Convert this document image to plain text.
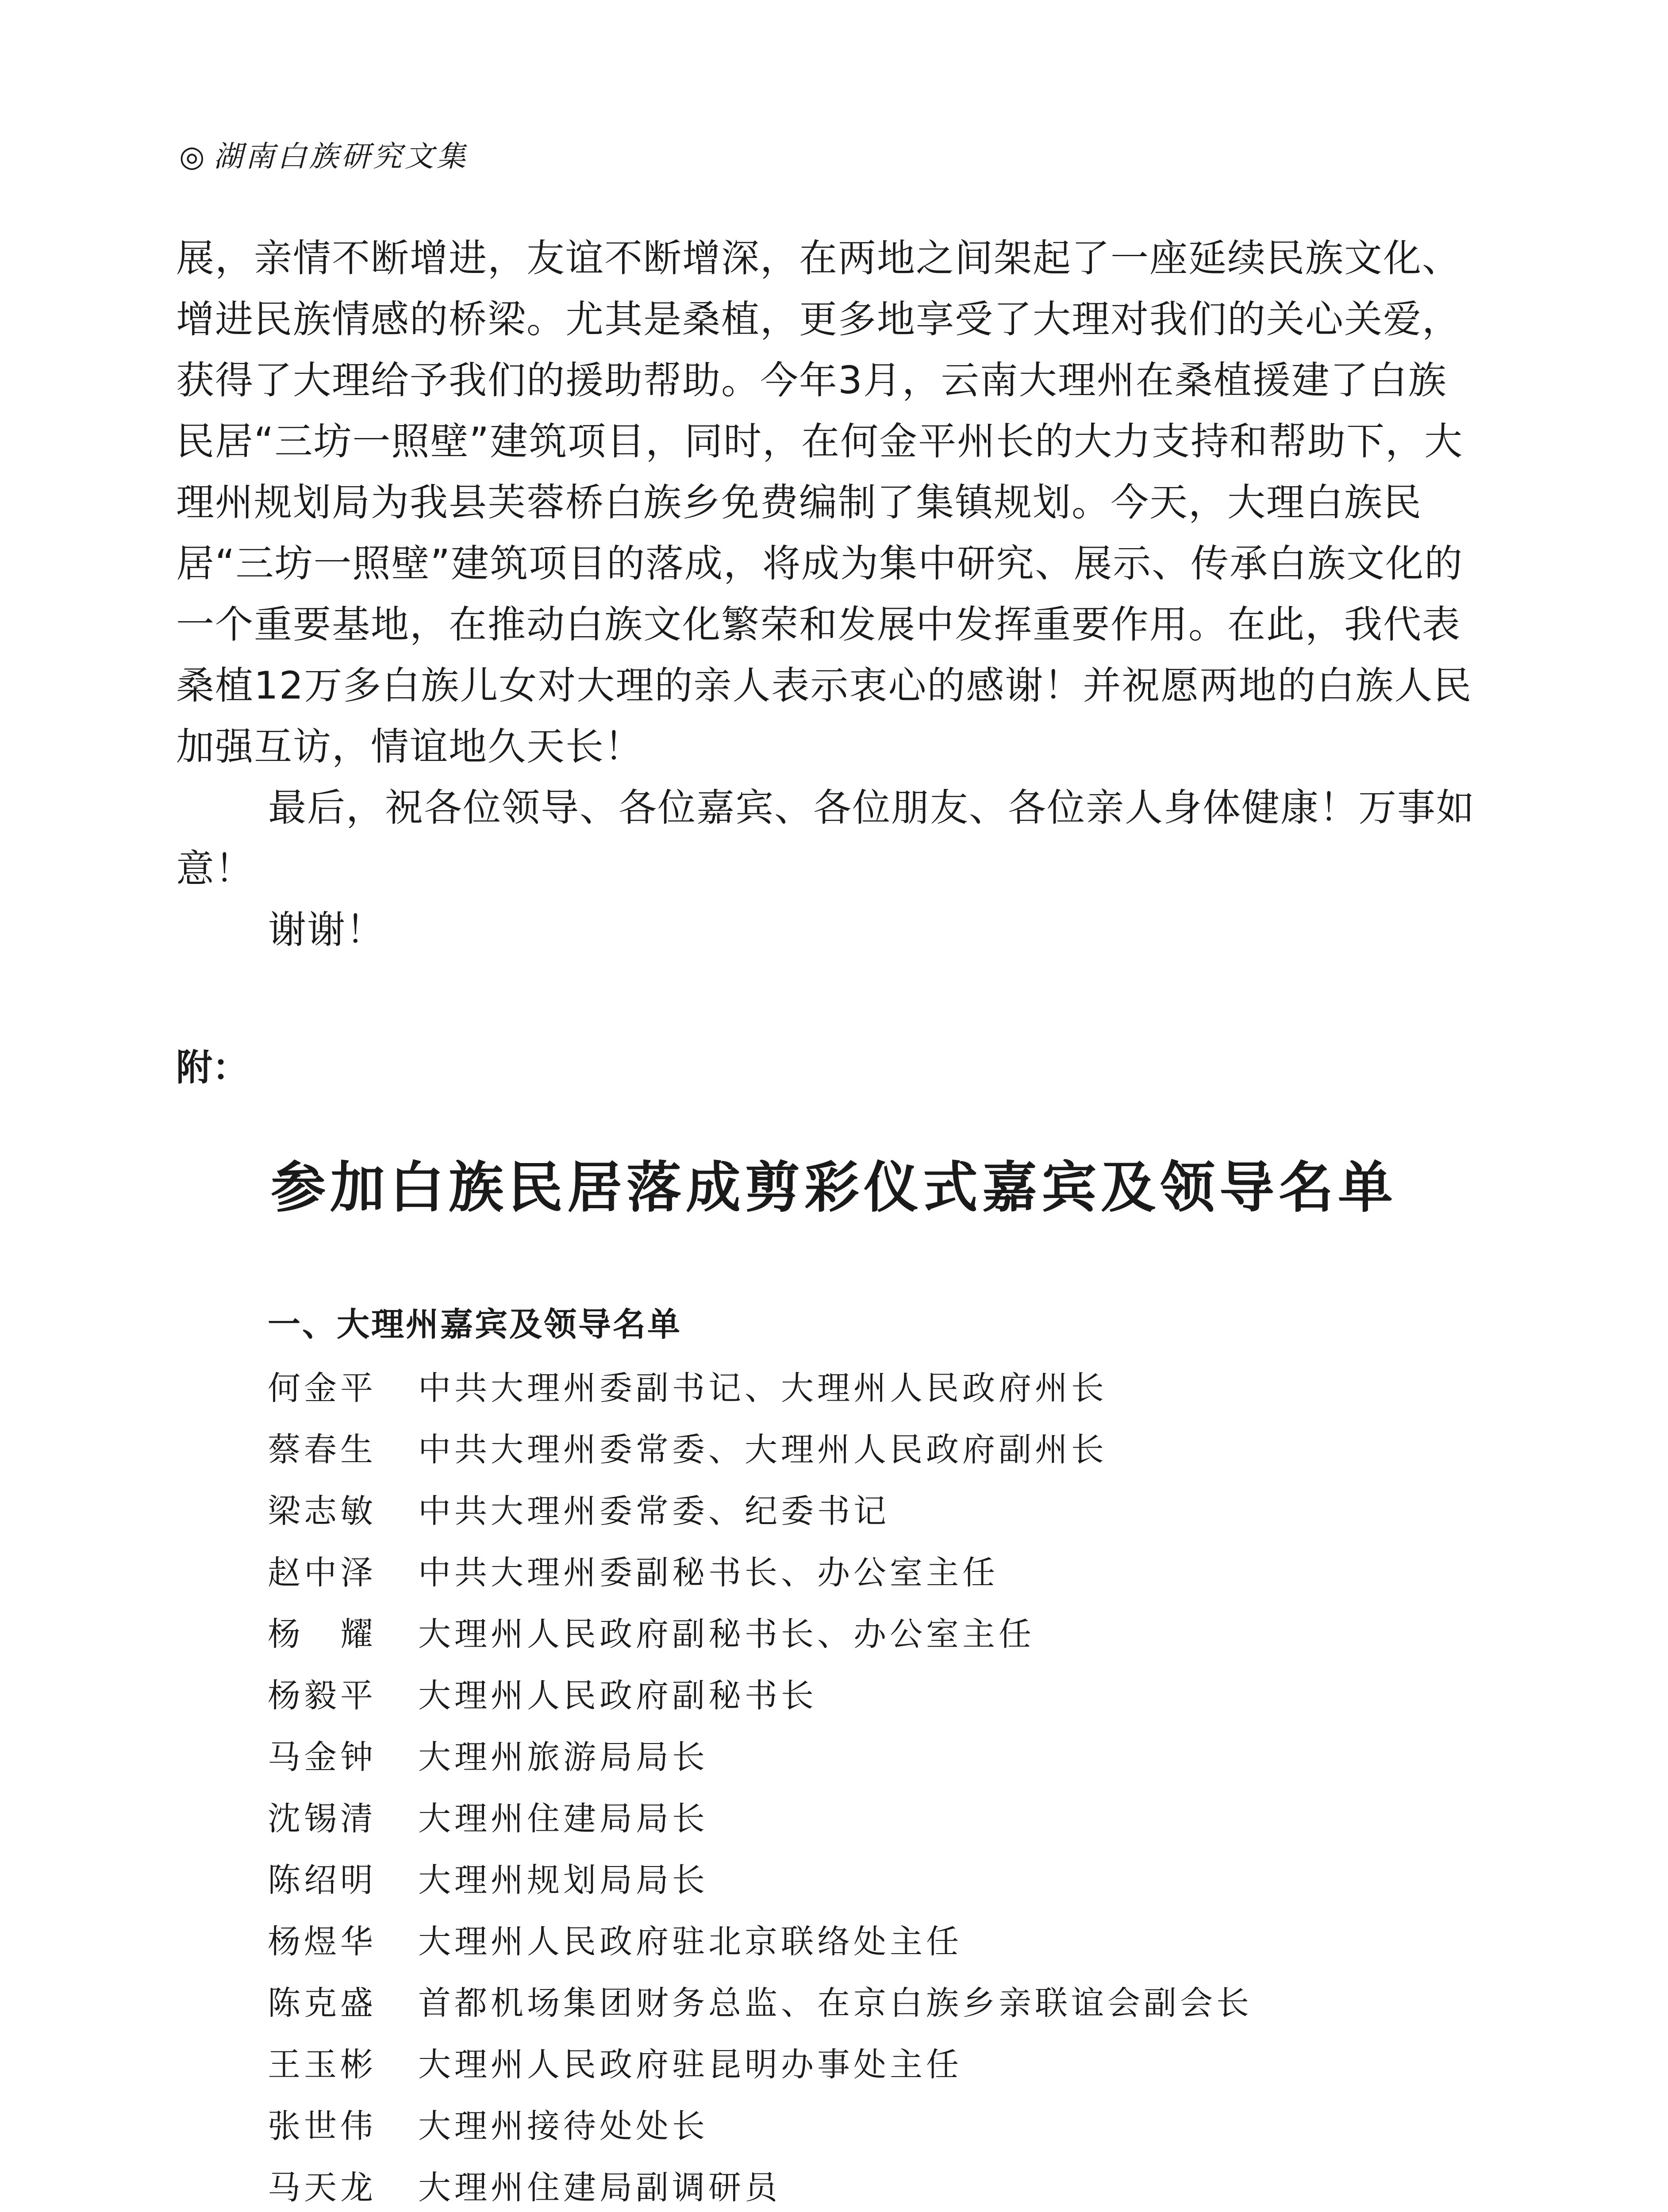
◎ 湖南白族研究文集

展，亲情不断增进，友谊不断增深，在两地之间架起了一座延续民族文化、增进民族情感的桥梁。尤其是桑植，更多地享受了大理对我们的关心关爱，获得了大理给予我们的援助帮助。今年3月，云南大理州在桑植援建了白族民居“三坊一照壁”建筑项目，同时，在何金平州长的大力支持和帮助下，大理州规划局为我县芙蓉桥白族乡免费编制了集镇规划。今天，大理白族民居“三坊一照壁”建筑项目的落成，将成为集中研究、展示、传承白族文化的一个重要基地，在推动白族文化繁荣和发展中发挥重要作用。在此，我代表桑植12万多白族儿女对大理的亲人表示衷心的感谢！并祝愿两地的白族人民加强互访，情谊地久天长！

最后，祝各位领导、各位嘉宾、各位朋友、各位亲人身体健康！万事如意！

谢谢！

附：
参加白族民居落成剪彩仪式嘉宾及领导名单
一、大理州嘉宾及领导名单
何金平	中共大理州委副书记、大理州人民政府州长
蔡春生	中共大理州委常委、大理州人民政府副州长
梁志敏	中共大理州委常委、纪委书记
赵中泽	中共大理州委副秘书长、办公室主任
杨　耀	大理州人民政府副秘书长、办公室主任
杨毅平	大理州人民政府副秘书长
马金钟	大理州旅游局局长
沈锡清	大理州住建局局长
陈绍明	大理州规划局局长
杨煜华	大理州人民政府驻北京联络处主任
陈克盛	首都机场集团财务总监、在京白族乡亲联谊会副会长
王玉彬	大理州人民政府驻昆明办事处主任
张世伟	大理州接待处处长
马天龙	大理州住建局副调研员
